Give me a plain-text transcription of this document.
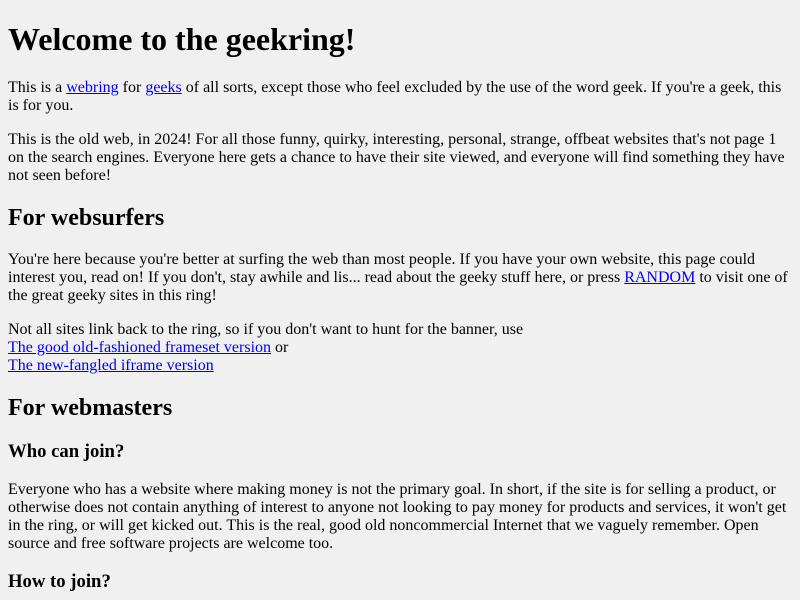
Welcome to the geekring!

This is a webring for geeks of all sorts, except those who feel excluded by the use of the word geek. If you're a geek, this is for you.

This is the old web, in 2024! For all those funny, quirky, interesting, personal, strange, offbeat websites that's not page 1 on the search engines. Everyone here gets a chance to have their site viewed, and everyone will find something they have not seen before!

For websurfers

You're here because you're better at surfing the web than most people. If you have your own website, this page could interest you, read on! If you don't, stay awhile and lis... read about the geeky stuff here, or press RANDOM to visit one of the great geeky sites in this ring!

Not all sites link back to the ring, so if you don't want to hunt for the banner, use
The good old-fashioned frameset version or
The new-fangled iframe version

For webmasters
Who can join?

Everyone who has a website where making money is not the primary goal. In short, if the site is for selling a product, or otherwise does not contain anything of interest to anyone not looking to pay money for products and services, it won't get in the ring, or will get kicked out. This is the real, good old noncommercial Internet that we vaguely remember. Open source and free software projects are welcome too.

How to join?
